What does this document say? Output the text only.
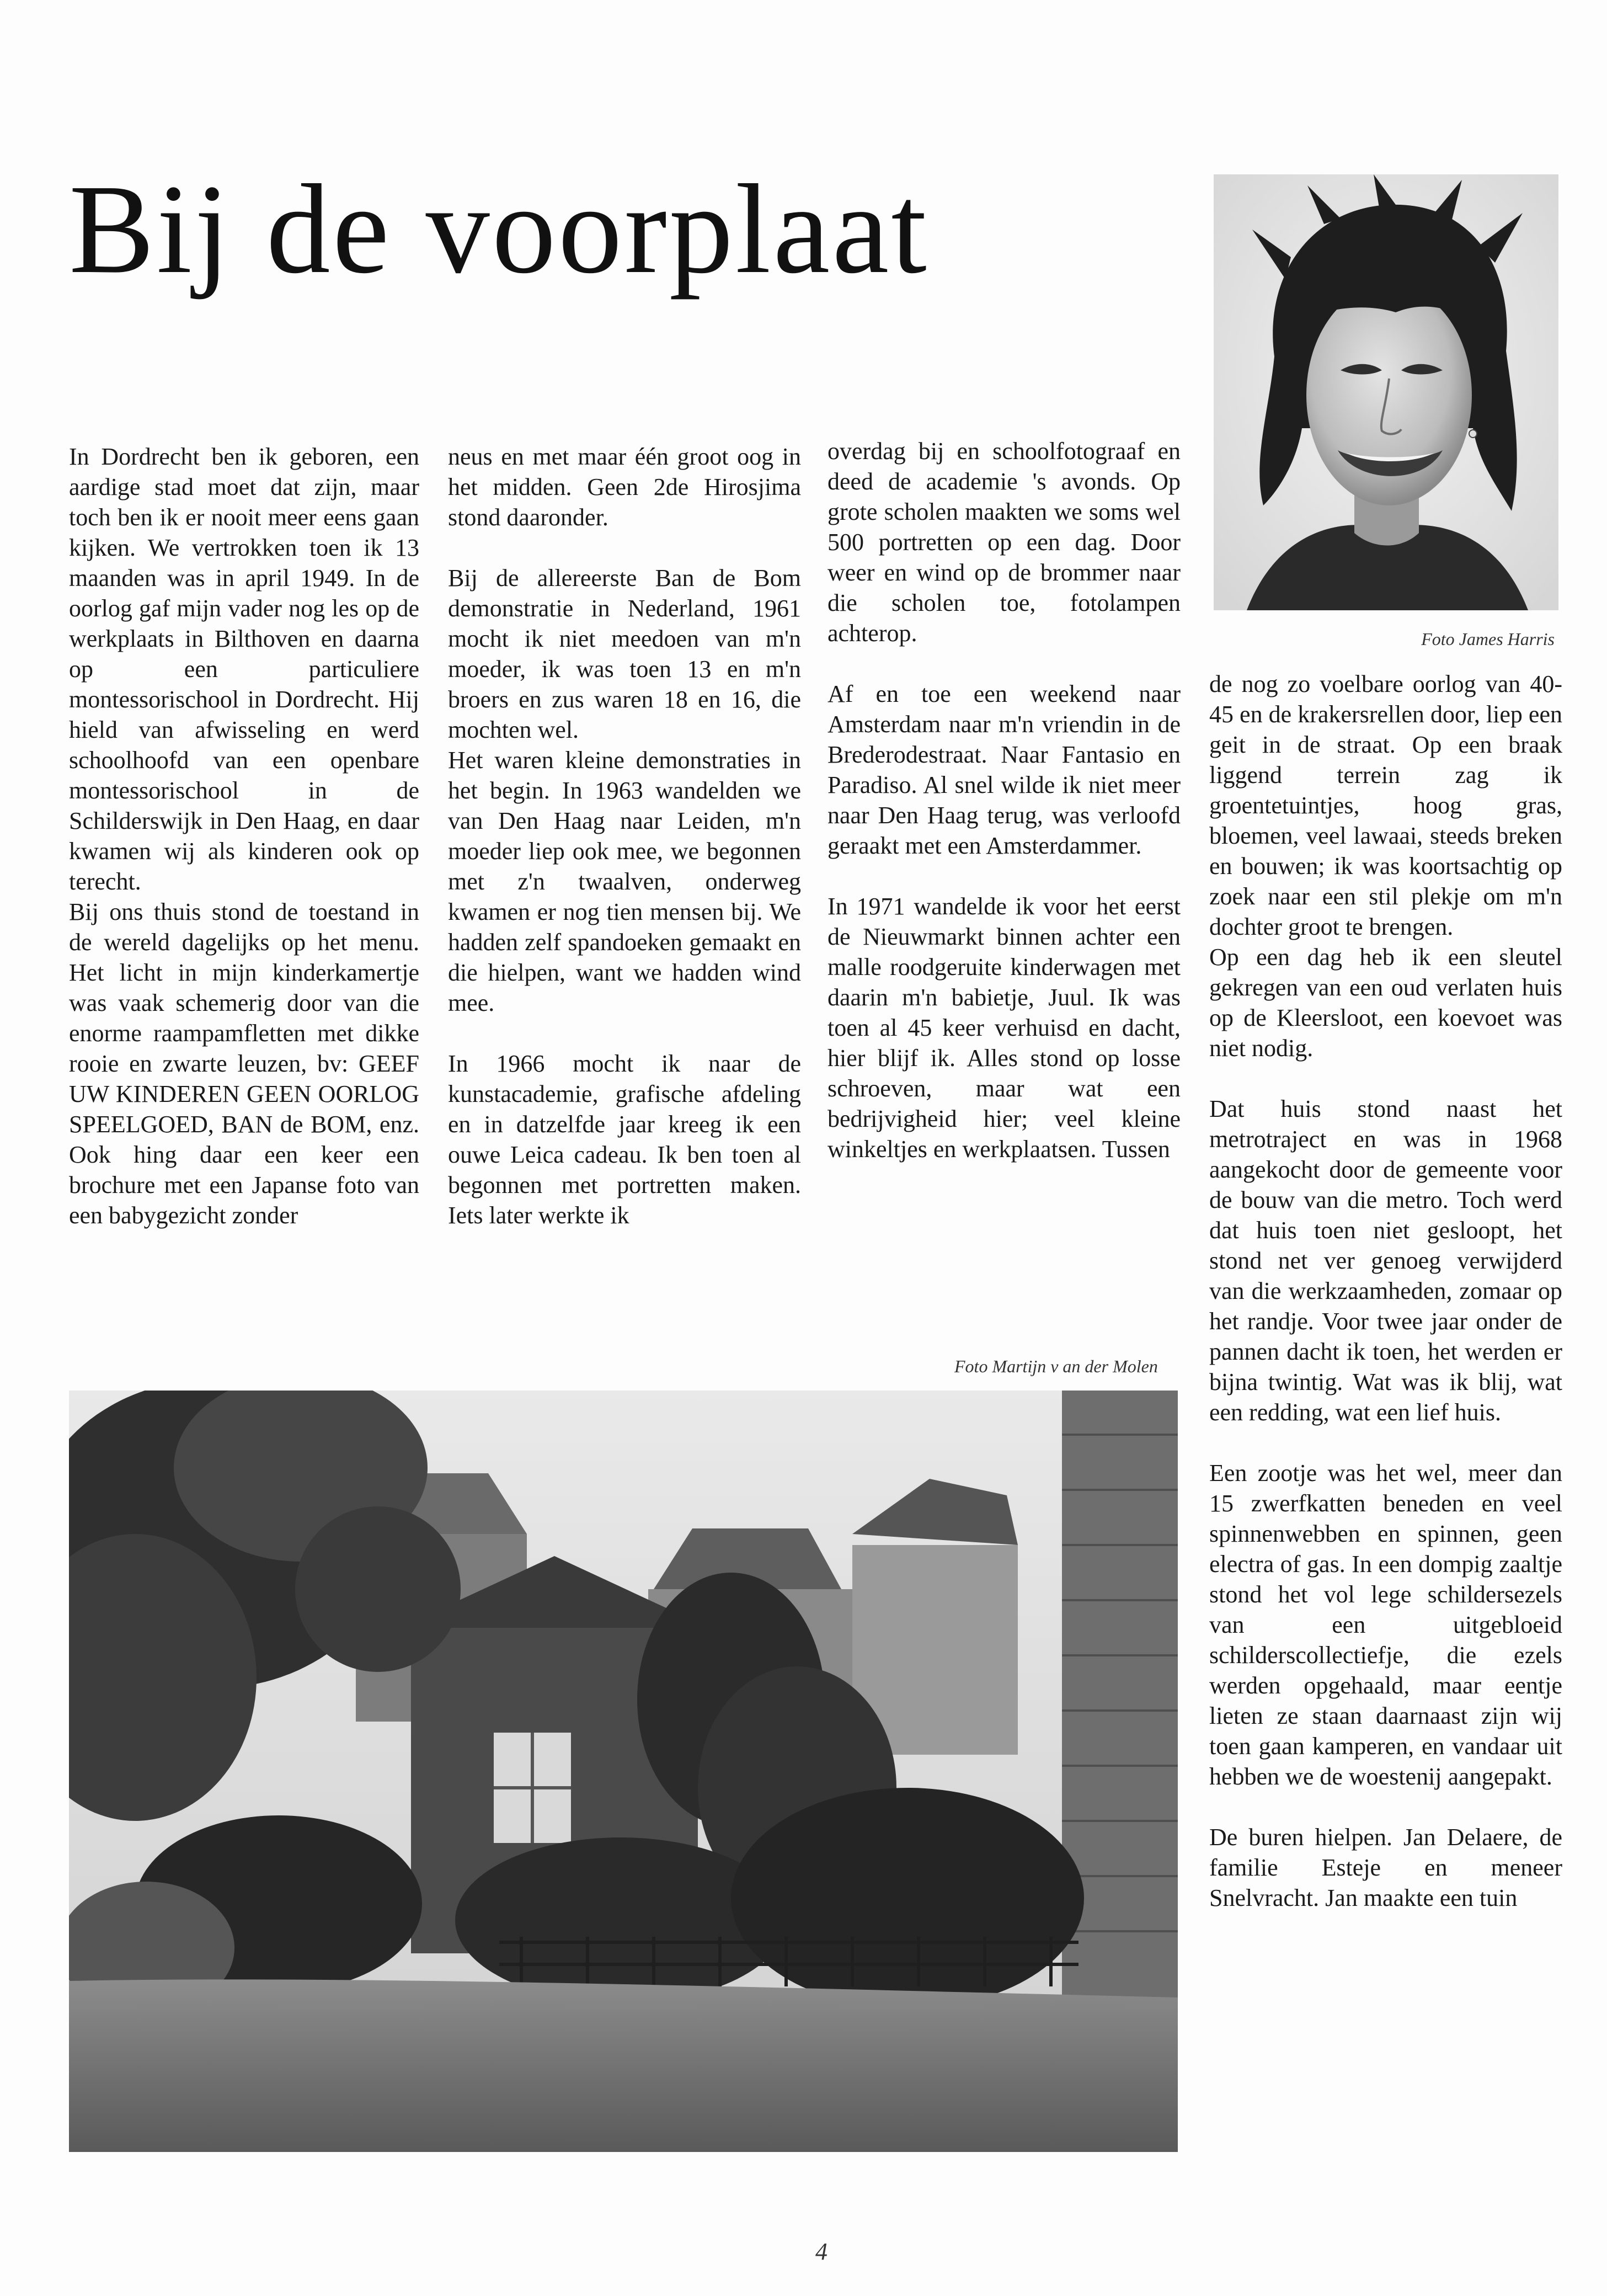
Bij de voorplaat

In Dordrecht ben ik geboren, een aardige stad moet dat zijn, maar toch ben ik er nooit meer eens gaan kijken. We vertrokken toen ik 13 maanden was in april 1949. In de oorlog gaf mijn vader nog les op de werkplaats in Bilthoven en daarna op een particuliere montessorischool in Dordrecht. Hij hield van afwisseling en werd schoolhoofd van een openbare montessorischool in de Schilderswijk in Den Haag, en daar kwamen wij als kinderen ook op terecht.

Bij ons thuis stond de toestand in de wereld dagelijks op het menu. Het licht in mijn kinderkamertje was vaak schemerig door van die enorme raampamfletten met dikke rooie en zwarte leuzen, bv: GEEF UW KINDEREN GEEN OORLOG SPEELGOED, BAN de BOM, enz. Ook hing daar een keer een brochure met een Japanse foto van een babygezicht zonder

neus en met maar één groot oog in het midden. Geen 2de Hirosjima stond daaronder.

Bij de allereerste Ban de Bom demonstratie in Nederland, 1961 mocht ik niet meedoen van m'n moeder, ik was toen 13 en m'n broers en zus waren 18 en 16, die mochten wel.

Het waren kleine demonstraties in het begin. In 1963 wandelden we van Den Haag naar Leiden, m'n moeder liep ook mee, we begonnen met z'n twaalven, onderweg kwamen er nog tien mensen bij. We hadden zelf spandoeken gemaakt en die hielpen, want we hadden wind mee.

In 1966 mocht ik naar de kunstacademie, grafische afdeling en in datzelfde jaar kreeg ik een ouwe Leica cadeau. Ik ben toen al begonnen met portretten maken. Iets later werkte ik

overdag bij en schoolfotograaf en deed de academie 's avonds. Op grote scholen maakten we soms wel 500 portretten op een dag. Door weer en wind op de brommer naar die scholen toe, fotolampen achterop.

Af en toe een weekend naar Amsterdam naar m'n vriendin in de Brederodestraat. Naar Fantasio en Paradiso. Al snel wilde ik niet meer naar Den Haag terug, was verloofd geraakt met een Amsterdammer.

In 1971 wandelde ik voor het eerst de Nieuwmarkt binnen achter een malle roodgeruite kinderwagen met daarin m'n babietje, Juul. Ik was toen al 45 keer verhuisd en dacht, hier blijf ik. Alles stond op losse schroeven, maar wat een bedrijvigheid hier; veel kleine winkeltjes en werkplaatsen. Tussen

de nog zo voelbare oorlog van 40-45 en de krakersrellen door, liep een geit in de straat. Op een braak liggend terrein zag ik groentetuintjes, hoog gras, bloemen, veel lawaai, steeds breken en bouwen; ik was koortsachtig op zoek naar een stil plekje om m'n dochter groot te brengen.

Op een dag heb ik een sleutel gekregen van een oud verlaten huis op de Kleersloot, een koevoet was niet nodig.

Dat huis stond naast het metrotraject en was in 1968 aangekocht door de gemeente voor de bouw van die metro. Toch werd dat huis toen niet gesloopt, het stond net ver genoeg verwijderd van die werkzaamheden, zomaar op het randje. Voor twee jaar onder de pannen dacht ik toen, het werden er bijna twintig. Wat was ik blij, wat een redding, wat een lief huis.

Een zootje was het wel, meer dan 15 zwerfkatten beneden en veel spinnenwebben en spinnen, geen electra of gas. In een dompig zaaltje stond het vol lege schildersezels van een uitgebloeid schilderscollectiefje, die ezels werden opgehaald, maar eentje lieten ze staan daarnaast zijn wij toen gaan kamperen, en vandaar uit hebben we de woestenij aangepakt.

De buren hielpen. Jan Delaere, de familie Esteje en meneer Snelvracht. Jan maakte een tuin

Foto James Harris
Foto Martijn v an der Molen
4
